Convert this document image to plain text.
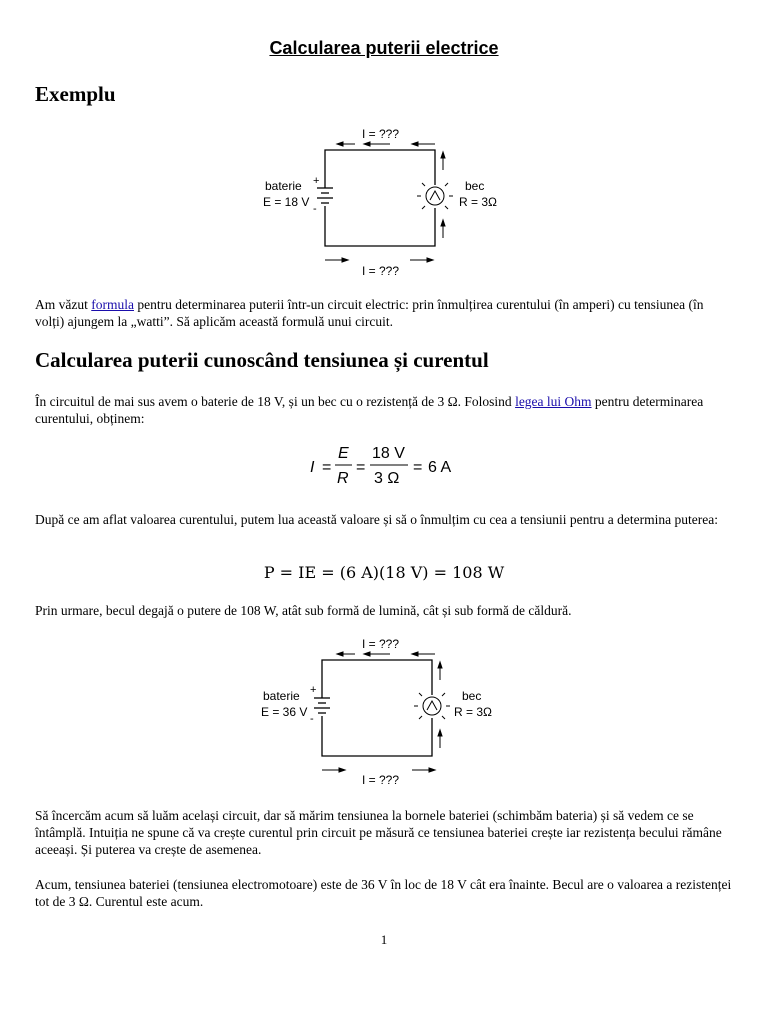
Calcularea puterii electrice
Exemplu
I = ???
+
-
baterie
E = 18 V
bec
R = 3Ω
I = ???
Am văzut formula pentru determinarea puterii într-un circuit electric: prin înmulțirea curentului (în amperi) cu tensiunea (în volți) ajungem la „watti”. Să aplicăm această formulă unui circuit.
Calcularea puterii cunoscând tensiunea și curentul
În circuitul de mai sus avem o baterie de 18 V, și un bec cu o rezistență de 3 Ω. Folosind legea lui Ohm pentru determinarea curentului, obținem:
I =
E
R
=
18 V
3 Ω
= 6 A
După ce am aflat valoarea curentului, putem lua această valoare și să o înmulțim cu cea a tensiunii pentru a determina puterea:
P = IE = (6 A)(18 V) = 108 W
Prin urmare, becul degajă o putere de 108 W, atât sub formă de lumină, cât și sub formă de căldură.
I = ???
+
-
baterie
E = 36 V
bec
R = 3Ω
I = ???
Să încercăm acum să luăm același circuit, dar să mărim tensiunea la bornele bateriei (schimbăm bateria) și să vedem ce se întâmplă. Intuiția ne spune că va crește curentul prin circuit pe măsură ce tensiunea bateriei crește iar rezistența becului rămâne aceeași. Și puterea va crește de asemenea.
Acum, tensiunea bateriei (tensiunea electromotoare) este de 36 V în loc de 18 V cât era înainte. Becul are o valoarea a rezistenței tot de 3 Ω. Curentul este acum.
1
